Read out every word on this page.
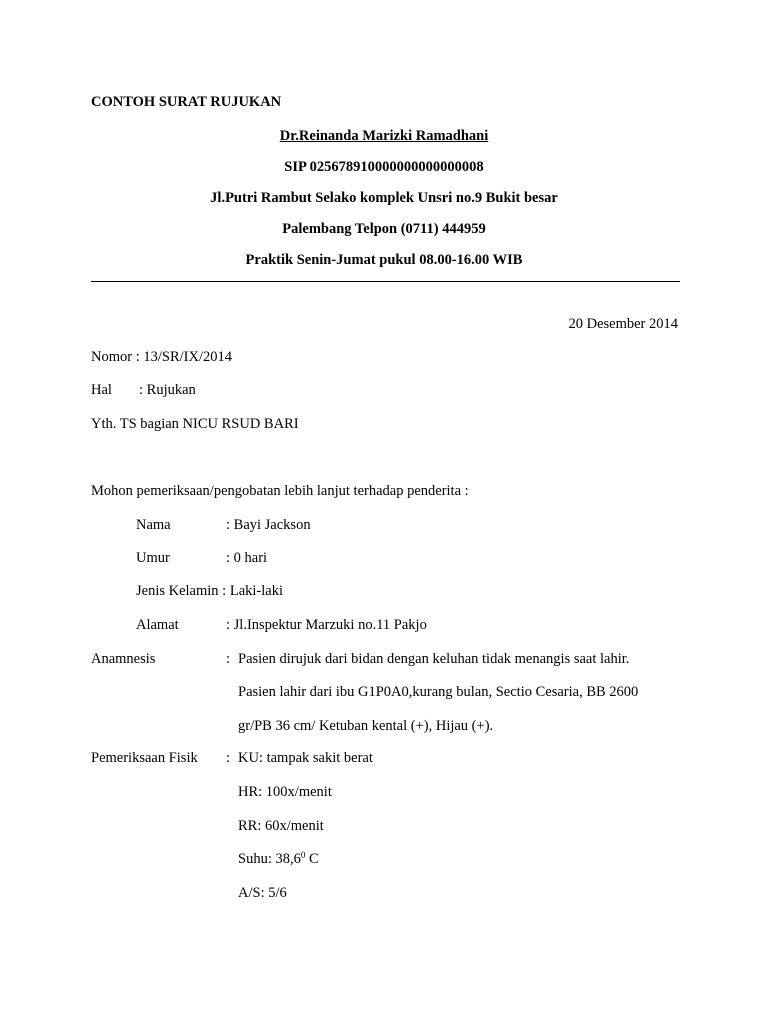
CONTOH SURAT RUJUKAN
Dr.Reinanda Marizki Ramadhani
SIP 025678910000000000000008
Jl.Putri Rambut Selako komplek Unsri no.9 Bukit besar
Palembang Telpon (0711) 444959
Praktik Senin-Jumat pukul 08.00-16.00 WIB
20 Desember 2014
Nomor : 13/SR/IX/2014
Hal : Rujukan
Yth. TS bagian NICU RSUD BARI
Mohon pemeriksaan/pengobatan lebih lanjut terhadap penderita :
Nama	: Bayi Jackson
Umur	: 0 hari
Jenis Kelamin : Laki-laki
Alamat	: Jl.Inspektur Marzuki no.11 Pakjo
Anamnesis	: Pasien dirujuk dari bidan dengan keluhan tidak menangis saat lahir.
Pasien lahir dari ibu G1P0A0,kurang bulan, Sectio Cesaria, BB 2600
gr/PB 36 cm/ Ketuban kental (+), Hijau (+).
Pemeriksaan Fisik : KU: tampak sakit berat
HR: 100x/menit
RR: 60x/menit
Suhu: 38,6$^0$ C
A/S: 5/6
